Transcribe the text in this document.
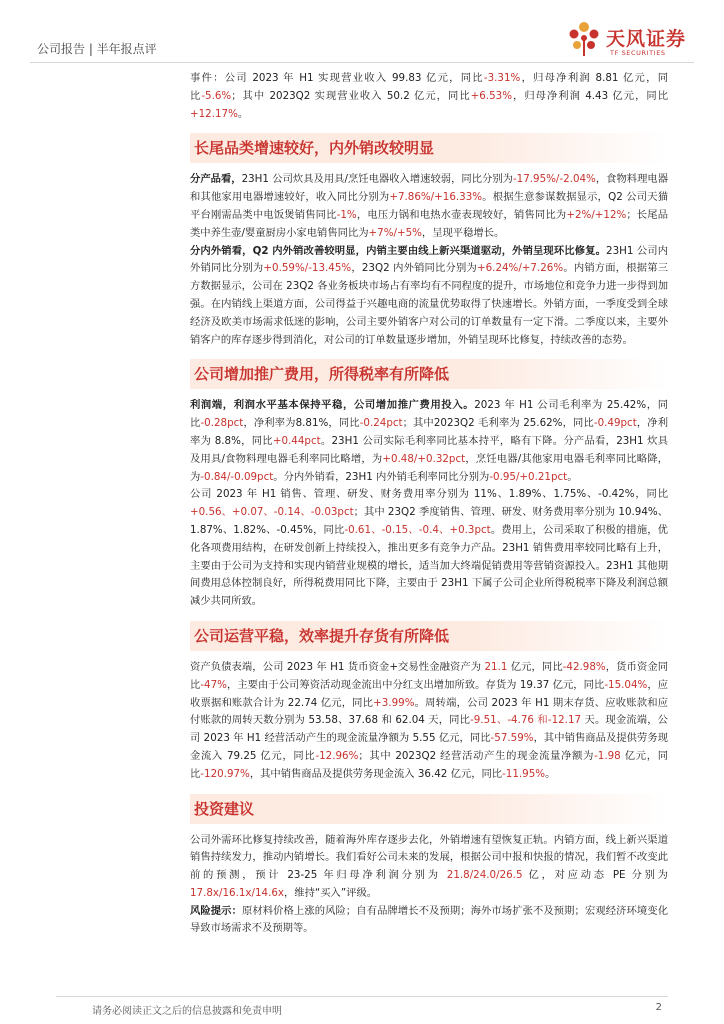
公司报告 | 半年报点评	天风证券
TF SECURITIES

事件：公司 2023 年 H1 实现营业收入 99.83 亿元，同比-3.31%，归母净利润 8.81 亿元，同比-5.6%；其中 2023Q2 实现营业收入 50.2 亿元，同比+6.53%，归母净利润 4.43 亿元，同比+12.17%。

长尾品类增速较好，内外销改较明显

分产品看，23H1 公司炊具及用具/烹饪电器收入增速较弱，同比分别为-17.95%/-2.04%，食物料理电器和其他家用电器增速较好，收入同比分别为+7.86%/+16.33%。根据生意参谋数据显示，Q2 公司天猫平台刚需品类中电饭煲销售同比-1%，电压力锅和电热水壶表现较好，销售同比为+2%/+12%；长尾品类中养生壶/婴童厨房小家电销售同比为+7%/+5%，呈现平稳增长。

分内外销看，Q2 内外销改善较明显，内销主要由线上新兴渠道驱动，外销呈现环比修复。23H1 公司内外销同比分别为+0.59%/-13.45%，23Q2 内外销同比分别为+6.24%/+7.26%。内销方面，根据第三方数据显示，公司在 23Q2 各业务板块市场占有率均有不同程度的提升，市场地位和竞争力进一步得到加强。在内销线上渠道方面，公司得益于兴趣电商的流量优势取得了快速增长。外销方面，一季度受到全球经济及欧美市场需求低迷的影响，公司主要外销客户对公司的订单数量有一定下滑。二季度以来，主要外销客户的库存逐步得到消化，对公司的订单数量逐步增加，外销呈现环比修复，持续改善的态势。

公司增加推广费用，所得税率有所降低

利润端，利润水平基本保持平稳，公司增加推广费用投入。2023 年 H1 公司毛利率为 25.42%，同比-0.28pct，净利率为8.81%，同比-0.24pct；其中2023Q2 毛利率为 25.62%，同比-0.49pct，净利率为 8.8%，同比+0.44pct。23H1 公司实际毛利率同比基本持平，略有下降。分产品看，23H1 炊具及用具/食物料理电器毛利率同比略增，为+0.48/+0.32pct，烹饪电器/其他家用电器毛利率同比略降，为-0.84/-0.09pct。分内外销看，23H1 内外销毛利率同比分别为-0.95/+0.21pct。

公司 2023 年 H1 销售、管理、研发、财务费用率分别为 11%、1.89%、1.75%、-0.42%，同比+0.56、+0.07、-0.14、-0.03pct；其中 23Q2 季度销售、管理、研发、财务费用率分别为 10.94%、1.87%、1.82%、-0.45%，同比-0.61、-0.15、-0.4、+0.3pct。费用上，公司采取了积极的措施，优化各项费用结构，在研发创新上持续投入，推出更多有竞争力产品。23H1 销售费用率较同比略有上升，主要由于公司为支持和实现内销营业规模的增长，适当加大终端促销费用等营销资源投入。23H1 其他期间费用总体控制良好，所得税费用同比下降，主要由于 23H1 下属子公司企业所得税税率下降及利润总额减少共同所致。

公司运营平稳，效率提升存货有所降低

资产负债表端，公司 2023 年 H1 货币资金+交易性金融资产为 21.1 亿元，同比-42.98%，货币资金同比-47%，主要由于公司筹资活动现金流出中分红支出增加所致。存货为 19.37 亿元，同比-15.04%，应收票据和账款合计为 22.74 亿元，同比+3.99%。周转端，公司 2023 年 H1 期末存货、应收账款和应付账款的周转天数分别为 53.58、37.68 和 62.04 天，同比-9.51、-4.76 和-12.17 天。现金流端，公司 2023 年 H1 经营活动产生的现金流量净额为 5.55 亿元，同比-57.59%，其中销售商品及提供劳务现金流入 79.25 亿元，同比-12.96%；其中 2023Q2 经营活动产生的现金流量净额为-1.98 亿元，同比-120.97%，其中销售商品及提供劳务现金流入 36.42 亿元，同比-11.95%。

投资建议

公司外需环比修复持续改善，随着海外库存逐步去化，外销增速有望恢复正轨。内销方面，线上新兴渠道销售持续发力，推动内销增长。我们看好公司未来的发展，根据公司中报和快报的情况，我们暂不改变此前的预测，预计 23-25 年归母净利润分别为 21.8/24.0/26.5 亿，对应动态 PE 分别为 17.8x/16.1x/14.6x，维持“买入”评级。

风险提示：原材料价格上涨的风险；自有品牌增长不及预期；海外市场扩张不及预期；宏观经济环境变化导致市场需求不及预期等。

请务必阅读正文之后的信息披露和免责申明	2
